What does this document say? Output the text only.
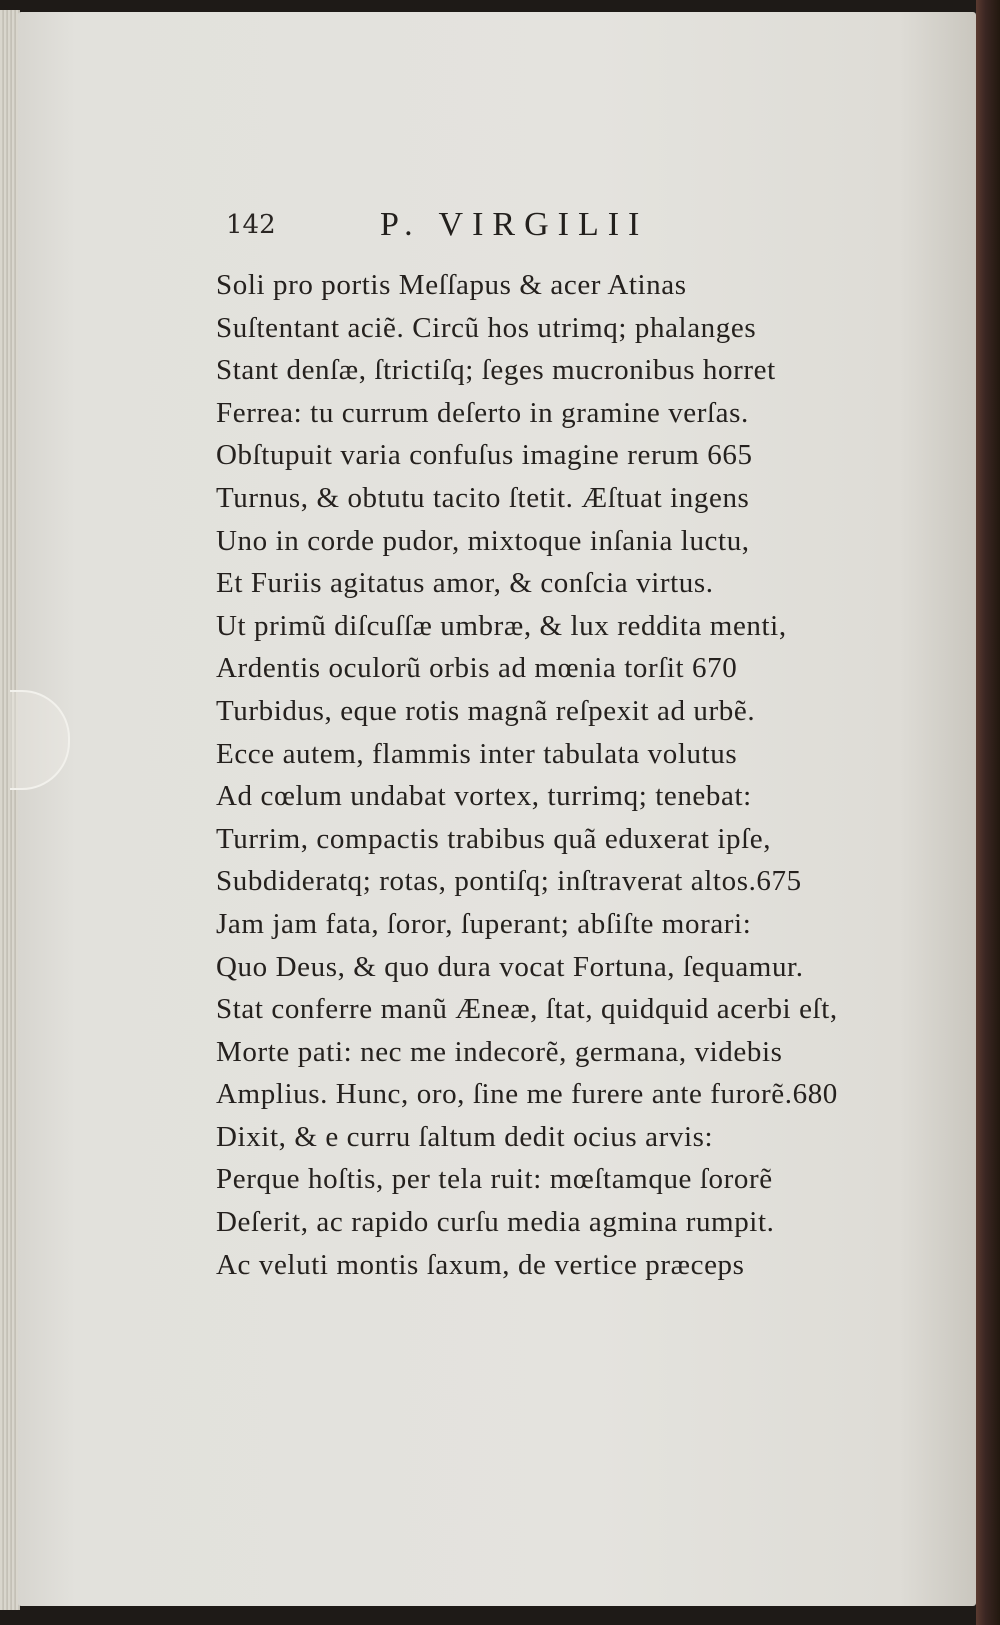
142	P. VIRGILII
Soli pro portis Meſſapus & acer Atinas
Suſtentant aciẽ. Circũ hos utrimq; phalanges
Stant denſæ, ſtrictiſq; ſeges mucronibus horret
Ferrea: tu currum deſerto in gramine verſas.
Obſtupuit varia confuſus imagine rerum 665
Turnus, & obtutu tacito ſtetit. Æſtuat ingens
Uno in corde pudor, mixtoque inſania luctu,
Et Furiis agitatus amor, & conſcia virtus.
Ut primũ diſcuſſæ umbræ, & lux reddita menti,
Ardentis oculorũ orbis ad mœnia torſit 670
Turbidus, eque rotis magnã reſpexit ad urbẽ.
Ecce autem, flammis inter tabulata volutus
Ad cœlum undabat vortex, turrimq; tenebat:
Turrim, compactis trabibus quã eduxerat ipſe,
Subdideratq; rotas, pontiſq; inſtraverat altos.675
Jam jam fata, ſoror, ſuperant; abſiſte morari:
Quo Deus, & quo dura vocat Fortuna, ſequamur.
Stat conferre manũ Æneæ, ſtat, quidquid acerbi eſt,
Morte pati: nec me indecorẽ, germana, videbis
Amplius. Hunc, oro, ſine me furere ante furorẽ.680
Dixit, & e curru ſaltum dedit ocius arvis:
Perque hoſtis, per tela ruit: mœſtamque ſororẽ
Deſerit, ac rapido curſu media agmina rumpit.
Ac veluti montis ſaxum, de vertice præceps
